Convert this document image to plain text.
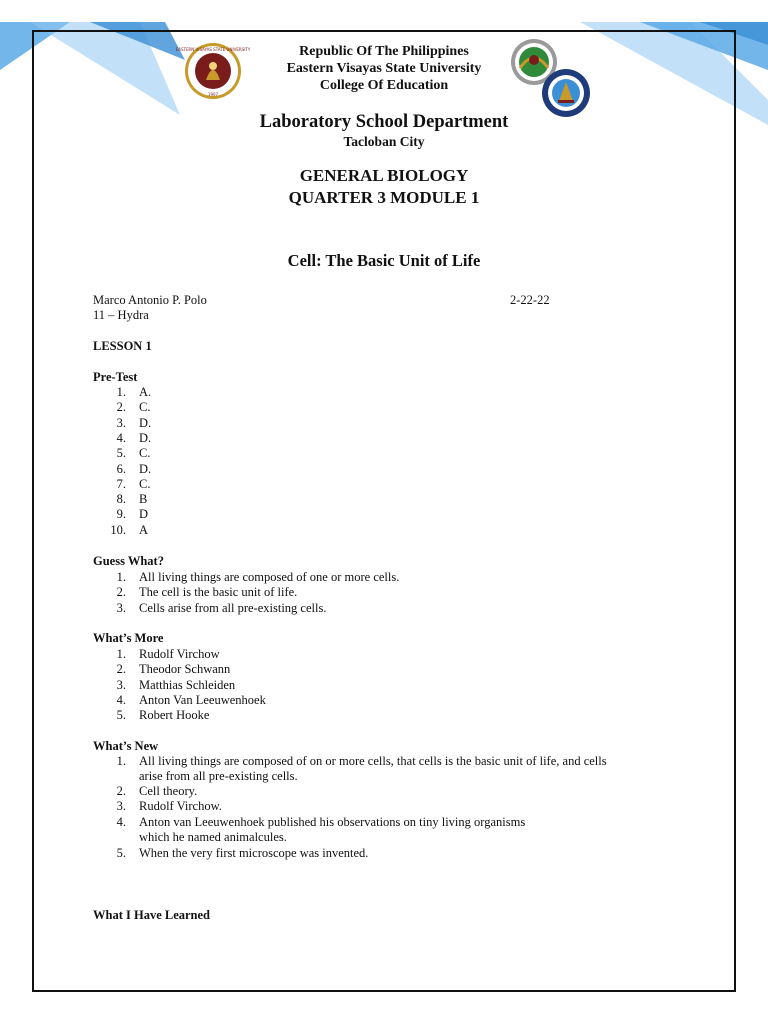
EASTERN VISAYAS STATE UNIVERSITY
1907
Republic Of The Philippines
Eastern Visayas State University
College Of Education
Laboratory School Department
Tacloban City
GENERAL BIOLOGY
QUARTER 3 MODULE 1
Cell: The Basic Unit of Life
Marco Antonio P. Polo	2-22-22
11 – Hydra
LESSON 1
Pre-Test
1. A.
2. C.
3. D.
4. D.
5. C.
6. D.
7. C.
8. B
9. D
10. A
Guess What?
1. All living things are composed of one or more cells.
2. The cell is the basic unit of life.
3. Cells arise from all pre-existing cells.
What’s More
1. Rudolf Virchow
2. Theodor Schwann
3. Matthias Schleiden
4. Anton Van Leeuwenhoek
5. Robert Hooke
What’s New
1. All living things are composed of on or more cells, that cells is the basic unit of life, and cells
arise from all pre-existing cells.
2. Cell theory.
3. Rudolf Virchow.
4. Anton van Leeuwenhoek published his observations on tiny living organisms
which he named animalcules.
5. When the very first microscope was invented.
What I Have Learned
